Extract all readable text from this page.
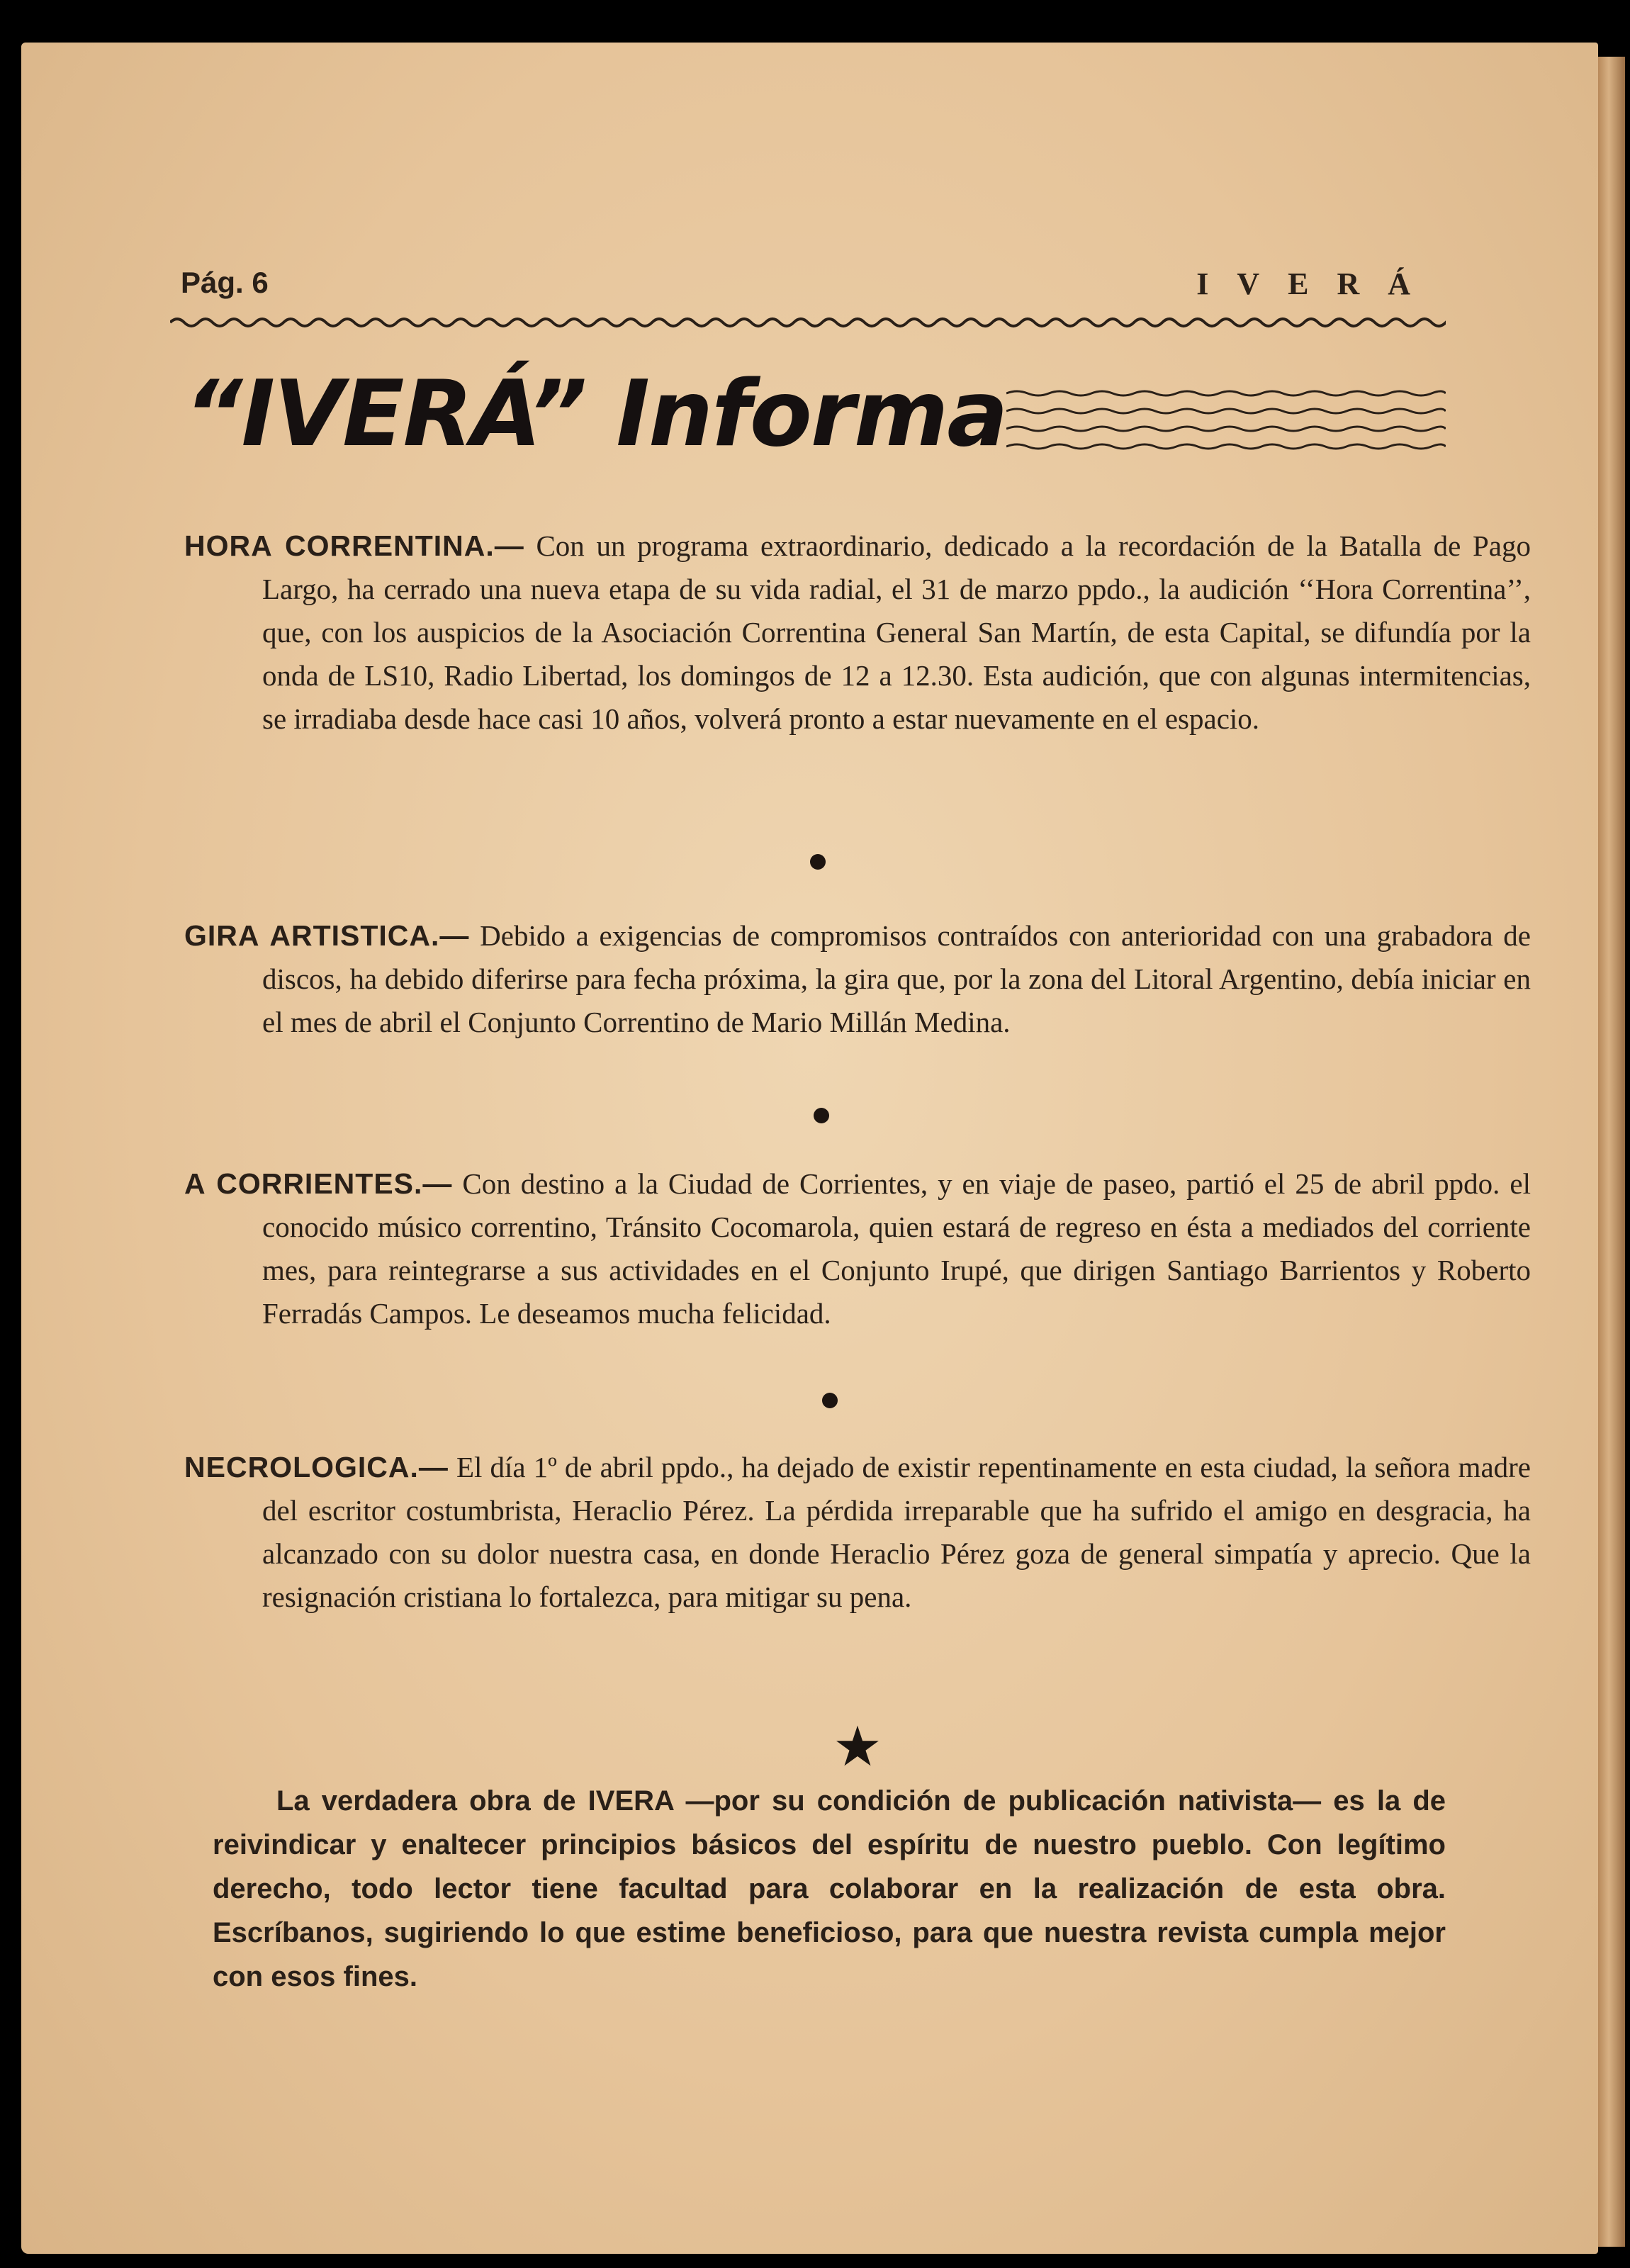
Pág. 6	IVERÁ
“IVERÁ” Informa
HORA CORRENTINA.— Con un programa extraordinario, dedicado a la recordación de la Batalla de Pago Largo, ha cerrado una nueva etapa de su vida radial, el 31 de marzo ppdo., la audición ‘‘Hora Correntina’’, que, con los auspicios de la Asociación Correntina General San Martín, de esta Capital, se difundía por la onda de LS10, Radio Libertad, los domingos de 12 a 12.30. Esta audición, que con algunas intermitencias, se irradiaba desde hace casi 10 años, volverá pronto a estar nuevamente en el espacio.
GIRA ARTISTICA.— Debido a exigencias de compromisos contraídos con anterioridad con una grabadora de discos, ha debido diferirse para fecha próxima, la gira que, por la zona del Litoral Argentino, debía iniciar en el mes de abril el Conjunto Correntino de Mario Millán Medina.
A CORRIENTES.— Con destino a la Ciudad de Corrientes, y en viaje de paseo, partió el 25 de abril ppdo. el conocido músico correntino, Tránsito Cocomarola, quien estará de regreso en ésta a mediados del corriente mes, para reintegrarse a sus actividades en el Conjunto Irupé, que dirigen Santiago Barrientos y Roberto Ferradás Campos. Le deseamos mucha felicidad.
NECROLOGICA.— El día 1º de abril ppdo., ha dejado de existir repentinamente en esta ciudad, la señora madre del escritor costumbrista, Heraclio Pérez. La pérdida irreparable que ha sufrido el amigo en desgracia, ha alcanzado con su dolor nuestra casa, en donde Heraclio Pérez goza de general simpatía y aprecio. Que la resignación cristiana lo fortalezca, para mitigar su pena.
★
La verdadera obra de IVERA —por su condición de publicación nativista— es la de reivindicar y enaltecer principios básicos del espíritu de nuestro pueblo. Con legítimo derecho, todo lector tiene facultad para colaborar en la realización de esta obra. Escríbanos, sugiriendo lo que estime beneficioso, para que nuestra revista cumpla mejor con esos fines.
